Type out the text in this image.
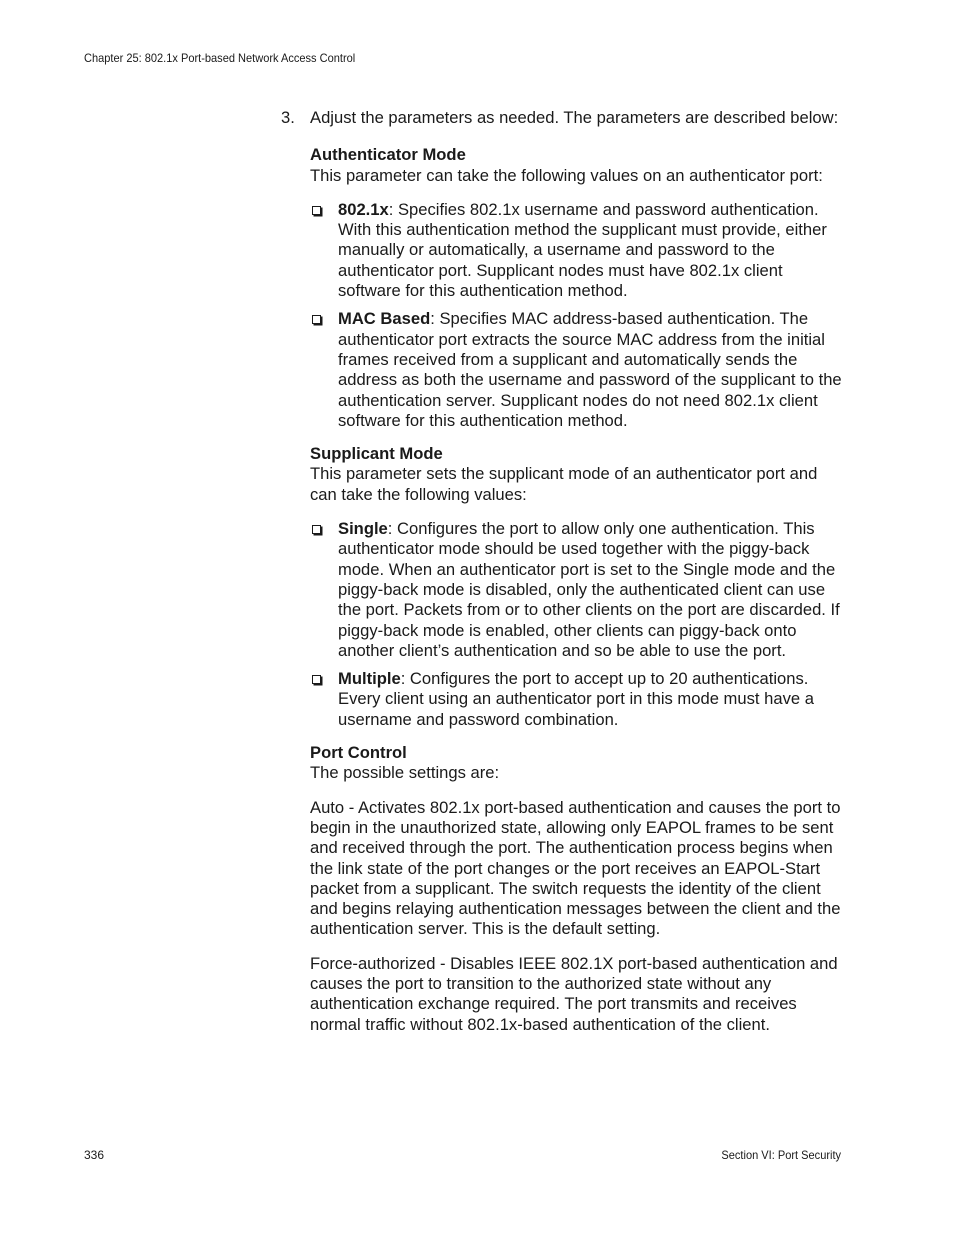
Chapter 25: 802.1x Port-based Network Access Control
3. Adjust the parameters as needed. The parameters are described below:

Authenticator Mode

This parameter can take the following values on an authenticator port:

802.1x: Specifies 802.1x username and password authentication. With this authentication method the supplicant must provide, either manually or automatically, a username and password to the authenticator port. Supplicant nodes must have 802.1x client software for this authentication method.
MAC Based: Specifies MAC address-based authentication. The authenticator port extracts the source MAC address from the initial frames received from a supplicant and automatically sends the address as both the username and password of the supplicant to the authentication server. Supplicant nodes do not need 802.1x client software for this authentication method.

Supplicant Mode

This parameter sets the supplicant mode of an authenticator port and can take the following values:

Single: Configures the port to allow only one authentication. This authenticator mode should be used together with the piggy-back mode. When an authenticator port is set to the Single mode and the piggy-back mode is disabled, only the authenticated client can use the port. Packets from or to other clients on the port are discarded. If piggy-back mode is enabled, other clients can piggy-back onto another client’s authentication and so be able to use the port.
Multiple: Configures the port to accept up to 20 authentications. Every client using an authenticator port in this mode must have a username and password combination.

Port Control

The possible settings are:

Auto - Activates 802.1x port-based authentication and causes the port to begin in the unauthorized state, allowing only EAPOL frames to be sent and received through the port. The authentication process begins when the link state of the port changes or the port receives an EAPOL-Start packet from a supplicant. The switch requests the identity of the client and begins relaying authentication messages between the client and the authentication server. This is the default setting.

Force-authorized - Disables IEEE 802.1X port-based authentication and causes the port to transition to the authorized state without any authentication exchange required. The port transmits and receives normal traffic without 802.1x-based authentication of the client.

336	Section VI: Port Security
